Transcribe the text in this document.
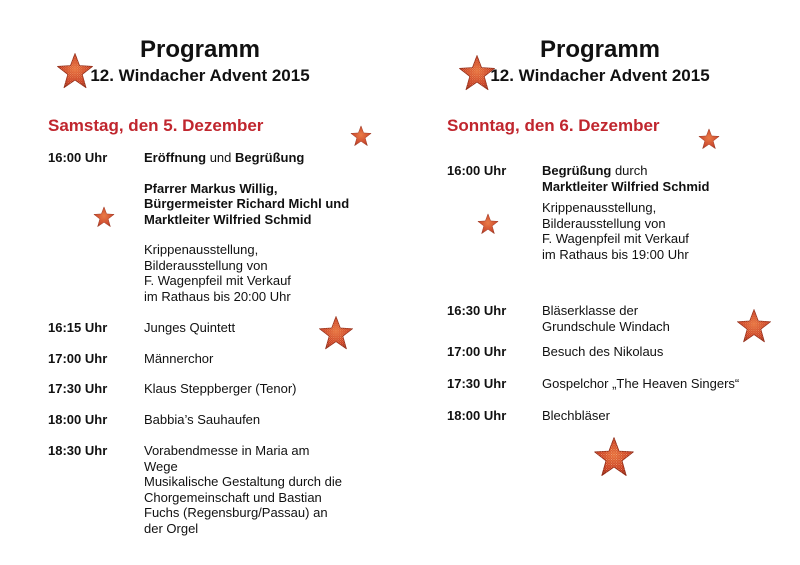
Programm
12. Windacher Advent 2015
Samstag, den 5. Dezember
16:00 Uhr	Eröffnung und Begrüßung

Pfarrer Markus Willig,
Bürgermeister Richard Michl und
Marktleiter Wilfried Schmid

Krippenausstellung,
Bilderausstellung von
F. Wagenpfeil mit Verkauf
im Rathaus bis 20:00 Uhr

16:15 Uhr	Junges Quintett
17:00 Uhr	Männerchor
17:30 Uhr	Klaus Steppberger (Tenor)
18:00 Uhr	Babbia’s Sauhaufen
18:30 Uhr	Vorabendmesse in Maria am
Wege
Musikalische Gestaltung durch die
Chorgemeinschaft und Bastian
Fuchs (Regensburg/Passau) an
der Orgel
Programm
12. Windacher Advent 2015
Sonntag, den 6. Dezember
16:00 Uhr	Begrüßung durch
Marktleiter Wilfried Schmid

Krippenausstellung,
Bilderausstellung von
F. Wagenpfeil mit Verkauf
im Rathaus bis 19:00 Uhr

16:30 Uhr	Bläserklasse der
Grundschule Windach
17:00 Uhr	Besuch des Nikolaus
17:30 Uhr	Gospelchor „The Heaven Singers“
18:00 Uhr	Blechbläser
